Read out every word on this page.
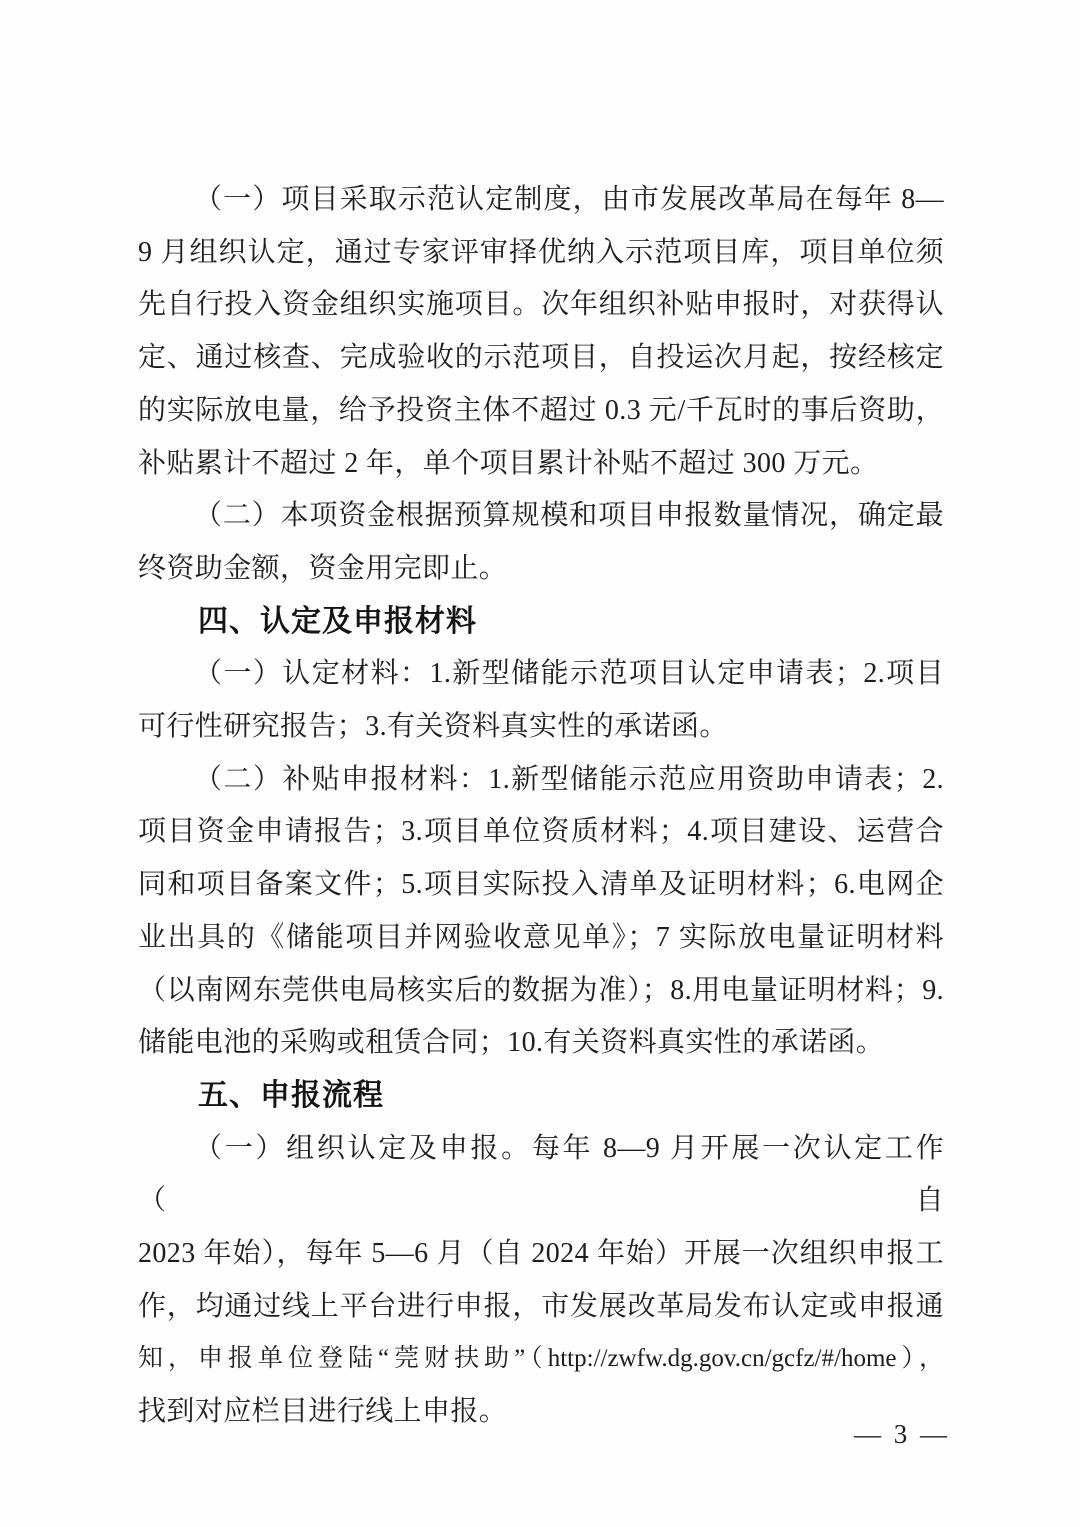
（一）项目采取示范认定制度，由市发展改革局在每年 8—
9 月组织认定，通过专家评审择优纳入示范项目库，项目单位须
先自行投入资金组织实施项目。次年组织补贴申报时，对获得认
定、通过核查、完成验收的示范项目，自投运次月起，按经核定
的实际放电量，给予投资主体不超过 0.3 元/千瓦时的事后资助，
补贴累计不超过 2 年，单个项目累计补贴不超过 300 万元。
（二）本项资金根据预算规模和项目申报数量情况，确定最
终资助金额，资金用完即止。
四、认定及申报材料
（一）认定材料：1.新型储能示范项目认定申请表；2.项目
可行性研究报告；3.有关资料真实性的承诺函。
（二）补贴申报材料：1.新型储能示范应用资助申请表；2.
项目资金申请报告；3.项目单位资质材料；4.项目建设、运营合
同和项目备案文件；5.项目实际投入清单及证明材料；6.电网企
业出具的《储能项目并网验收意见单》；7 实际放电量证明材料
（以南网东莞供电局核实后的数据为准）；8.用电量证明材料；9.
储能电池的采购或租赁合同；10.有关资料真实性的承诺函。
五、申报流程
（一）组织认定及申报。每年 8—9 月开展一次认定工作（自
2023 年始），每年 5—6 月（自 2024 年始）开展一次组织申报工
作，均通过线上平台进行申报，市发展改革局发布认定或申报通
知，申报单位登陆“莞财扶助”（http://zwfw.dg.gov.cn/gcfz/#/home），
找到对应栏目进行线上申报。
— 3 —
